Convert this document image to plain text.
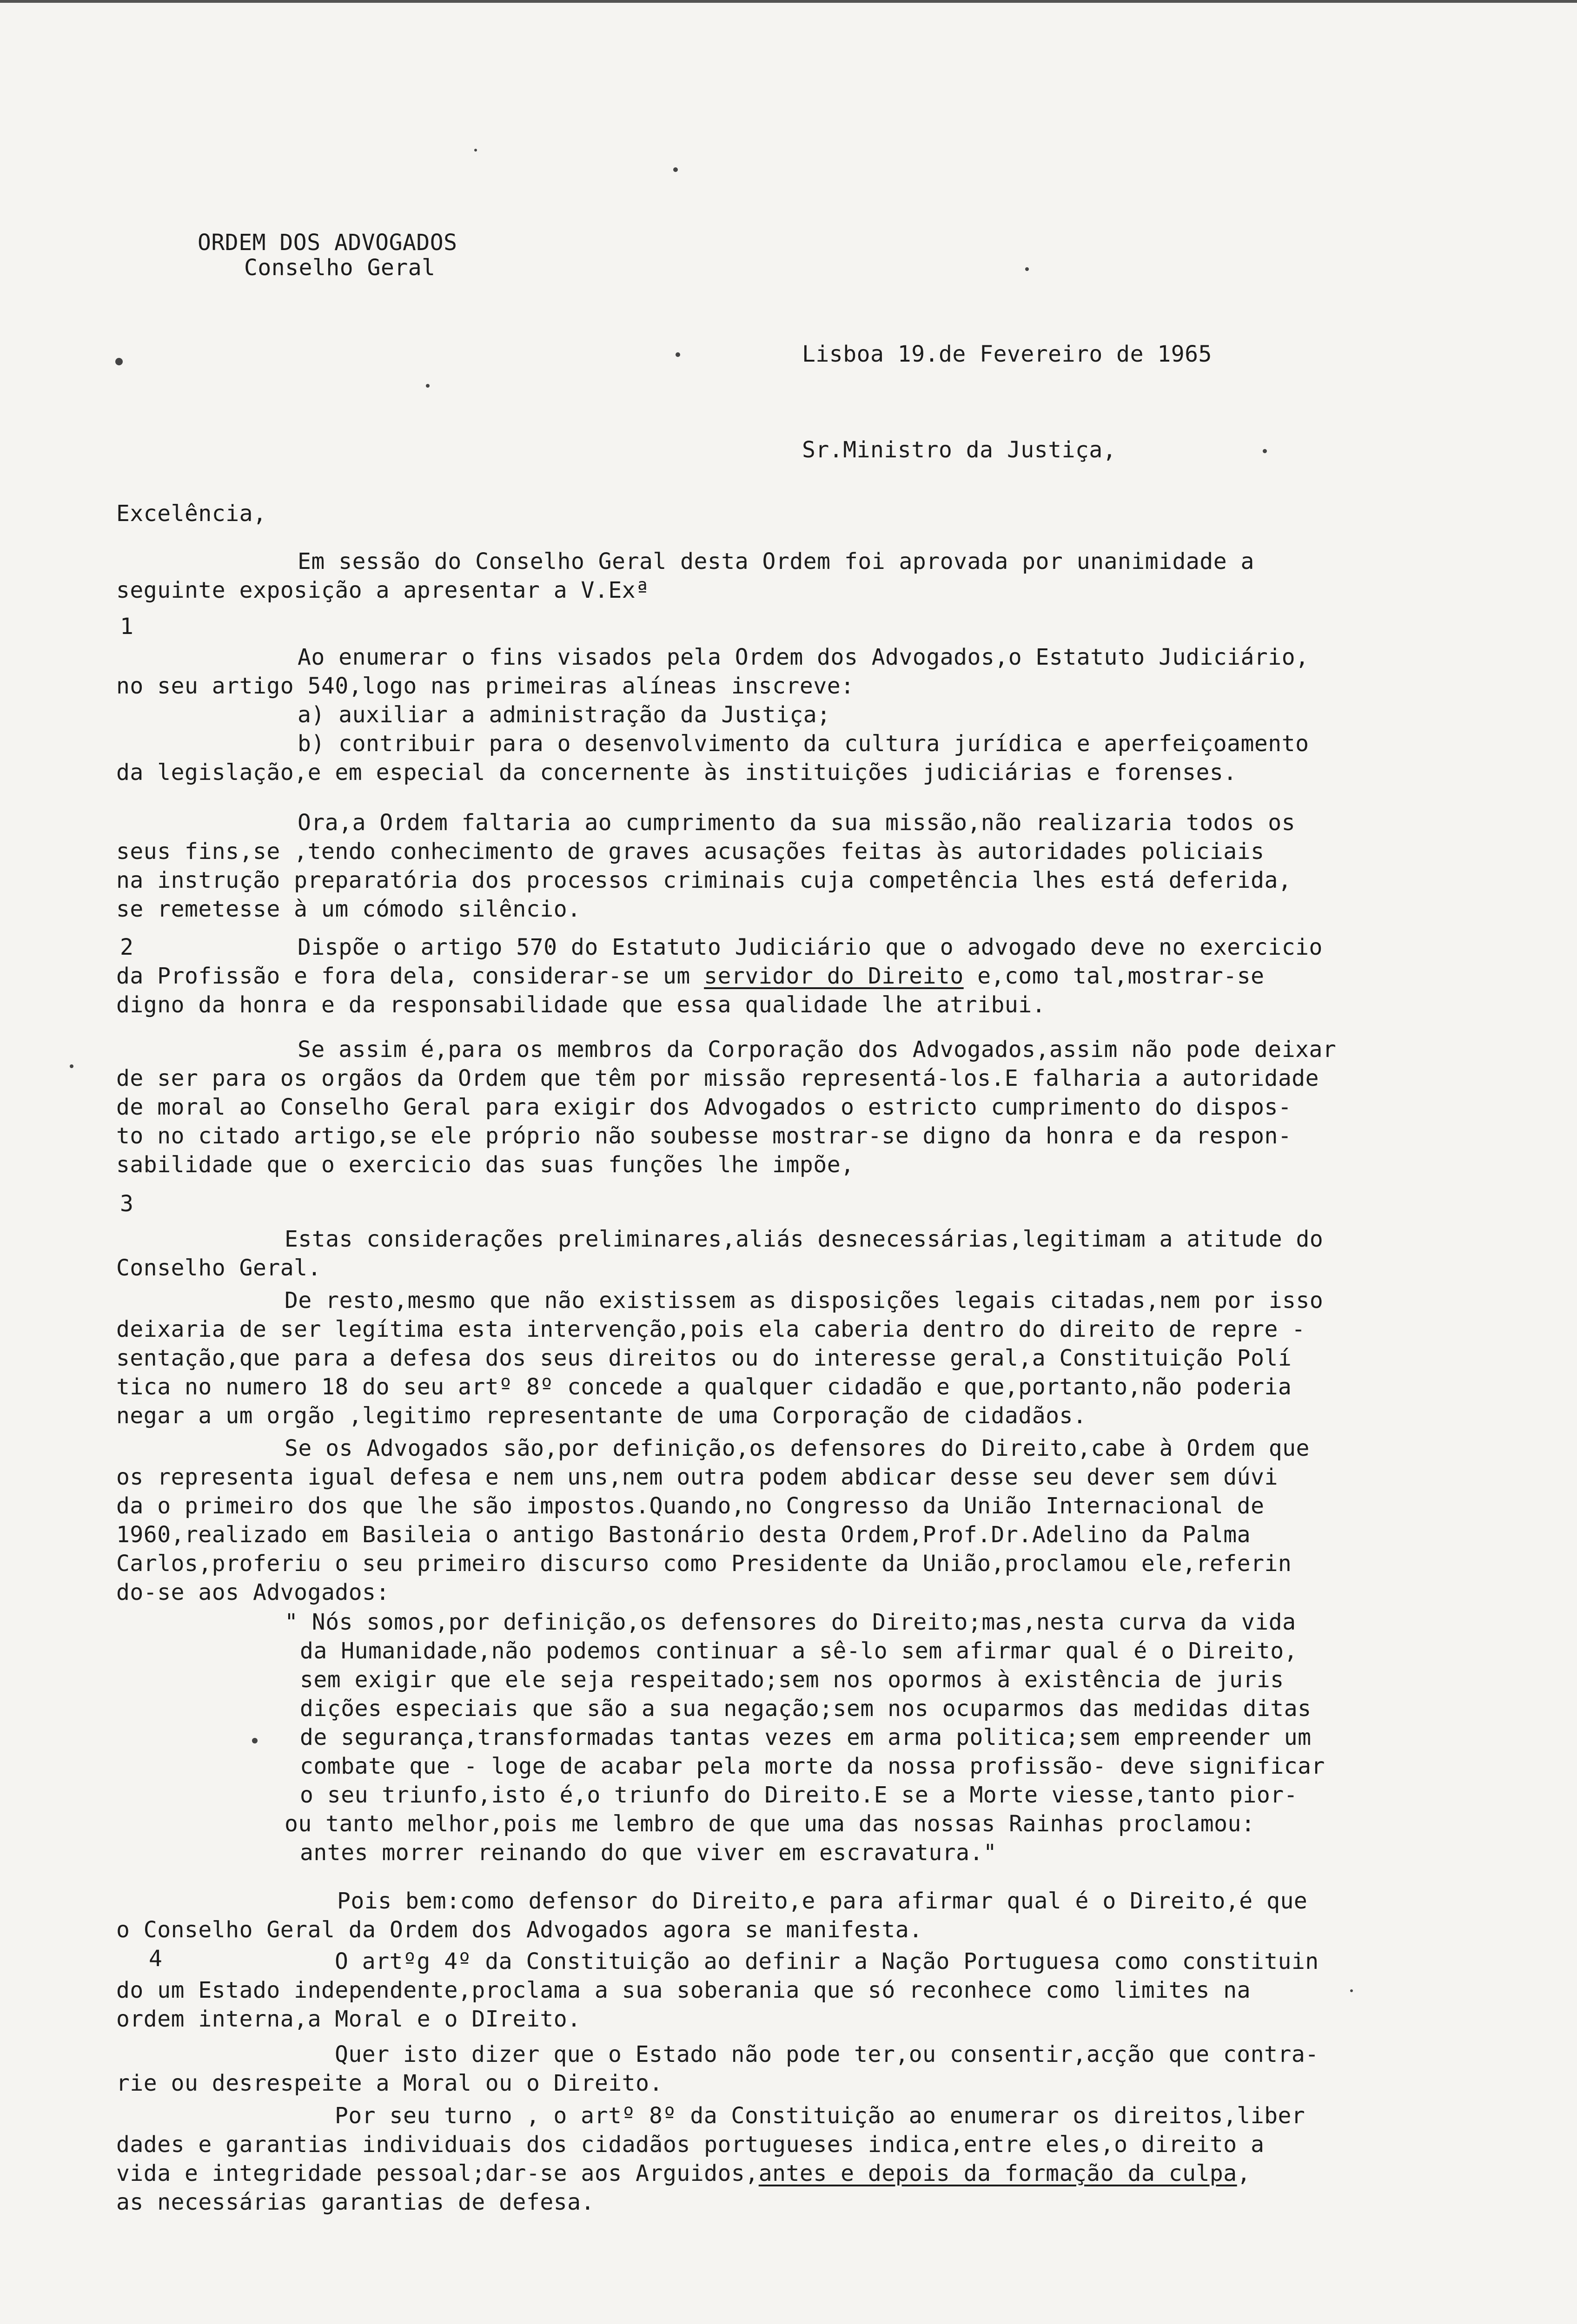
ORDEM DOS ADVOGADOS
Conselho Geral
Lisboa 19.de Fevereiro de 1965
Sr.Ministro da Justiça,
Excelência,
Em sessão do Conselho Geral desta Ordem foi aprovada por unanimidade a
seguinte exposição a apresentar a V.Exª
1
Ao enumerar o fins visados pela Ordem dos Advogados,o Estatuto Judiciário,
no seu artigo 540,logo nas primeiras alíneas inscreve:
a) auxiliar a administração da Justiça;
b) contribuir para o desenvolvimento da cultura jurídica e aperfeiçoamento
da legislação,e em especial da concernente às instituições judiciárias e forenses.
Ora,a Ordem faltaria ao cumprimento da sua missão,não realizaria todos os
seus fins,se ,tendo conhecimento de graves acusações feitas às autoridades policiais
na instrução preparatória dos processos criminais cuja competência lhes está deferida,
se remetesse à um cómodo silêncio.
2	Dispõe o artigo 570 do Estatuto Judiciário que o advogado deve no exercicio
da Profissão e fora dela, considerar-se um servidor do Direito e,como tal,mostrar-se
digno da honra e da responsabilidade que essa qualidade lhe atribui.
Se assim é,para os membros da Corporação dos Advogados,assim não pode deixar
de ser para os orgãos da Ordem que têm por missão representá-los.E falharia a autoridade
de moral ao Conselho Geral para exigir dos Advogados o estricto cumprimento do dispos-
to no citado artigo,se ele próprio não soubesse mostrar-se digno da honra e da respon-
sabilidade que o exercicio das suas funções lhe impõe,
3
Estas considerações preliminares,aliás desnecessárias,legitimam a atitude do
Conselho Geral.
De resto,mesmo que não existissem as disposições legais citadas,nem por isso
deixaria de ser legítima esta intervenção,pois ela caberia dentro do direito de repre -
sentação,que para a defesa dos seus direitos ou do interesse geral,a Constituição Polí
tica no numero 18 do seu artº 8º concede a qualquer cidadão e que,portanto,não poderia
negar a um orgão ,legitimo representante de uma Corporação de cidadãos.
Se os Advogados são,por definição,os defensores do Direito,cabe à Ordem que
os representa igual defesa e nem uns,nem outra podem abdicar desse seu dever sem dúvi
da o primeiro dos que lhe são impostos.Quando,no Congresso da União Internacional de
1960,realizado em Basileia o antigo Bastonário desta Ordem,Prof.Dr.Adelino da Palma
Carlos,proferiu o seu primeiro discurso como Presidente da União,proclamou ele,referin
do-se aos Advogados:
" Nós somos,por definição,os defensores do Direito;mas,nesta curva da vida
da Humanidade,não podemos continuar a sê-lo sem afirmar qual é o Direito,
sem exigir que ele seja respeitado;sem nos opormos à existência de juris
dições especiais que são a sua negação;sem nos ocuparmos das medidas ditas
de segurança,transformadas tantas vezes em arma politica;sem empreender um
combate que - loge de acabar pela morte da nossa profissão- deve significar
o seu triunfo,isto é,o triunfo do Direito.E se a Morte viesse,tanto pior-
ou tanto melhor,pois me lembro de que uma das nossas Rainhas proclamou:
antes morrer reinando do que viver em escravatura."
Pois bem:como defensor do Direito,e para afirmar qual é o Direito,é que
o Conselho Geral da Ordem dos Advogados agora se manifesta.
4	O artºg 4º da Constituição ao definir a Nação Portuguesa como constituin
do um Estado independente,proclama a sua soberania que só reconhece como limites na
ordem interna,a Moral e o DIreito.
Quer isto dizer que o Estado não pode ter,ou consentir,acção que contra-
rie ou desrespeite a Moral ou o Direito.
Por seu turno , o artº 8º da Constituição ao enumerar os direitos,liber
dades e garantias individuais dos cidadãos portugueses indica,entre eles,o direito a
vida e integridade pessoal;dar-se aos Arguidos,antes e depois da formação da culpa,
as necessárias garantias de defesa.
